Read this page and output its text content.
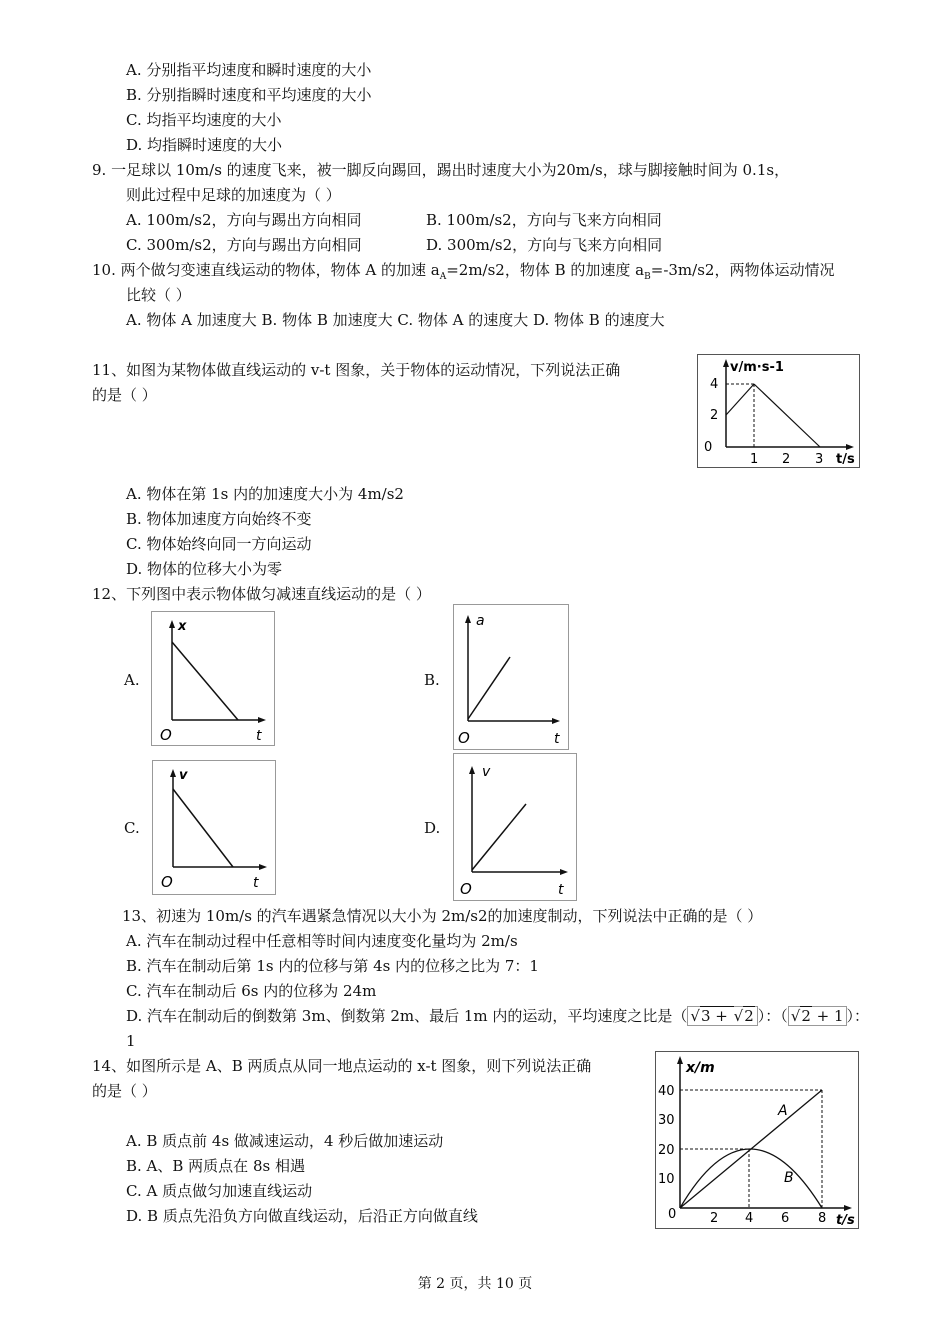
A. 分别指平均速度和瞬时速度的大小
B. 分别指瞬时速度和平均速度的大小
C. 均指平均速度的大小
D. 均指瞬时速度的大小
9. 一足球以 10m/s 的速度飞来，被一脚反向踢回，踢出时速度大小为20m/s，球与脚接触时间为 0.1s，
则此过程中足球的加速度为（ ）
A. 100m/s2，方向与踢出方向相同	B. 100m/s2，方向与飞来方向相同
C. 300m/s2，方向与踢出方向相同	D. 300m/s2，方向与飞来方向相同
10. 两个做匀变速直线运动的物体，物体 A 的加速 $a_A=2m/s2$，物体 B 的加速度 $a_B=-3m/s2$，两物体运动情况
比较（ ）
A. 物体 A 加速度大 B. 物体 B 加速度大 C. 物体 A 的速度大 D. 物体 B 的速度大
11、如图为某物体做直线运动的 v-t 图象，关于物体的运动情况，下列说法正确
的是（ ）
v/m·s-1
4
2
0
1 2 3 t/s
A. 物体在第 1s 内的加速度大小为 4m/s2
B. 物体加速度方向始终不变
C. 物体始终向同一方向运动
D. 物体的位移大小为零
12、下列图中表示物体做匀减速直线运动的是（ ）
A.
x
O	t
B.
a
O	t
C.
v
O	t
D.
v
O	t
13、初速为 10m/s 的汽车遇紧急情况以大小为 2m/s2的加速度制动，下列说法中正确的是（ ）
A. 汽车在制动过程中任意相等时间内速度变化量均为 2m/s
B. 汽车在制动后第 1s 内的位移与第 4s 内的位移之比为 7：1
C. 汽车在制动后 6s 内的位移为 24m
D. 汽车在制动后的倒数第 3m、倒数第 2m、最后 1m 内的运动，平均速度之比是（ √3 + √2 ）：（ √2 + 1 ）：
1
14、如图所示是 A、B 两质点从同一地点运动的 x-t 图象，则下列说法正确
的是（ ）
x/m
40
30
20
10
0	2 4 6 8 t/s
A
B
A. B 质点前 4s 做减速运动，4 秒后做加速运动
B. A、B 两质点在 8s 相遇
C. A 质点做匀加速直线运动
D. B 质点先沿负方向做直线运动，后沿正方向做直线
第 2 页，共 10 页
